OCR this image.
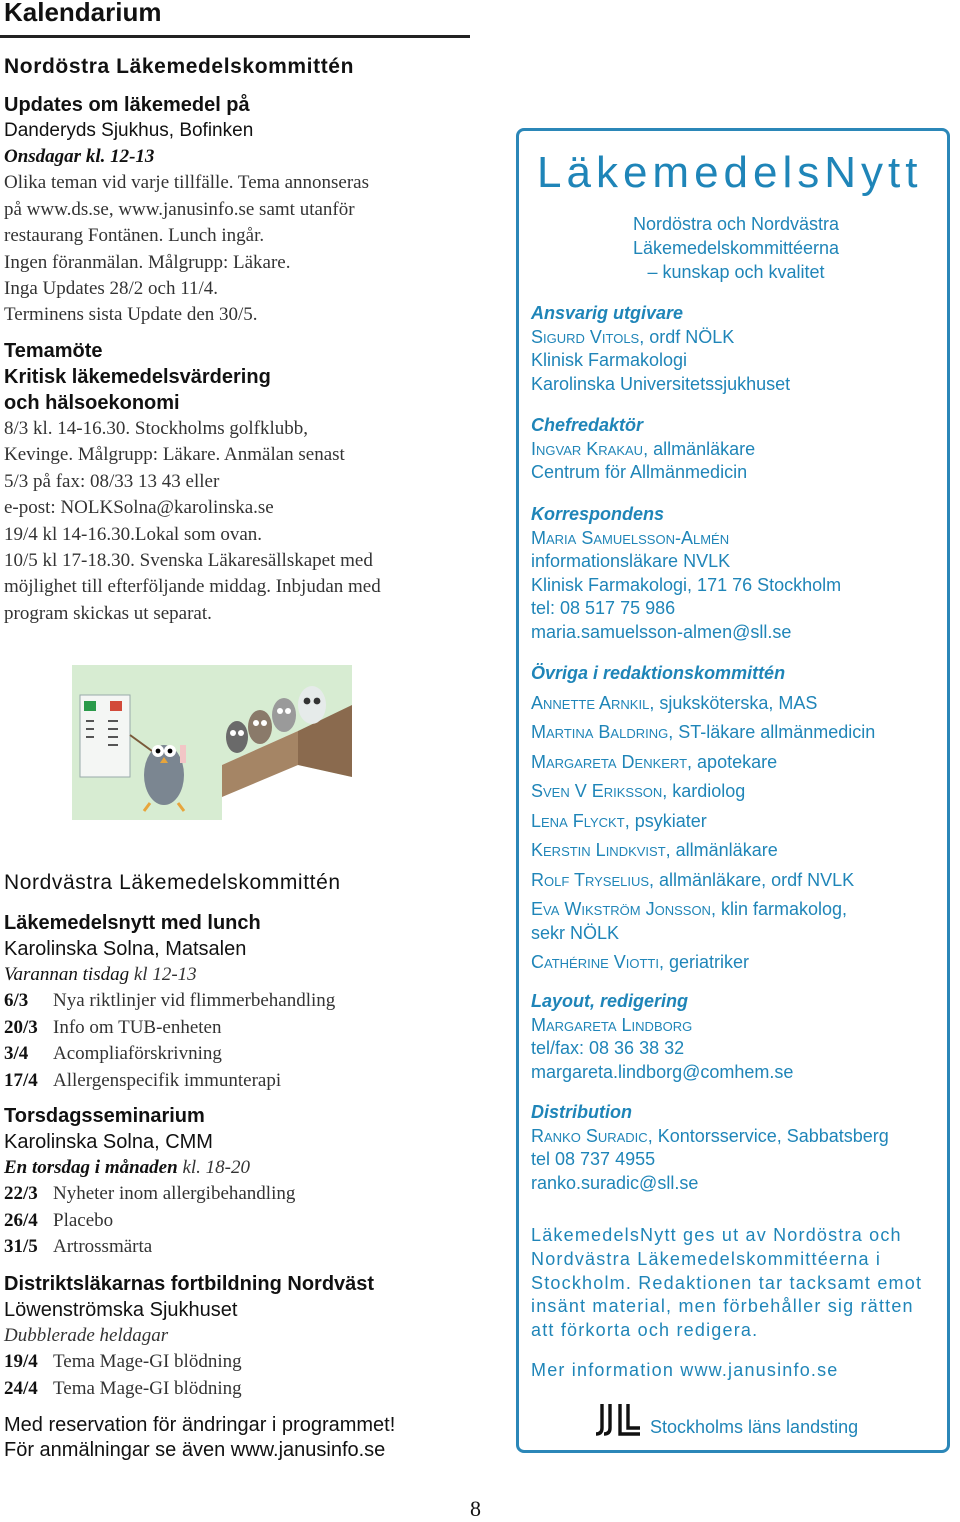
Kalendarium
Nordöstra Läkemedelskommittén
Updates om läkemedel på
Danderyds Sjukhus, Bofinken
Onsdagar kl. 12-13
Olika teman vid varje tillfälle. Tema annonseras
på www.ds.se, www.janusinfo.se samt utanför
restaurang Fontänen. Lunch ingår.
Ingen föranmälan. Målgrupp: Läkare.
Inga Updates 28/2 och 11/4.
Terminens sista Update den 30/5.
Temamöte
Kritisk läkemedelsvärdering
och hälsoekonomi
8/3 kl. 14-16.30. Stockholms golfklubb,
Kevinge. Målgrupp: Läkare. Anmälan senast
5/3 på fax: 08/33 13 43 eller
e-post: NOLKSolna@karolinska.se
19/4 kl 14-16.30.Lokal som ovan.
10/5 kl 17-18.30. Svenska Läkaresällskapet med
möjlighet till efterföljande middag. Inbjudan med
program skickas ut separat.
Nordvästra Läkemedelskommittén
Läkemedelsnytt med lunch
Karolinska Solna, Matsalen
Varannan tisdag kl 12-13
6/3	Nya riktlinjer vid flimmerbehandling
20/3 Info om TUB-enheten
3/4	Acompliaförskrivning
17/4 Allergenspecifik immunterapi
Torsdagsseminarium
Karolinska Solna, CMM
En torsdag i månaden kl. 18-20
22/3 Nyheter inom allergibehandling
26/4 Placebo
31/5 Artrossmärta
Distriktsläkarnas fortbildning Nordväst
Löwenströmska Sjukhuset
Dubblerade heldagar
19/4 Tema Mage-GI blödning
24/4 Tema Mage-GI blödning
Med reservation för ändringar i programmet!
För anmälningar se även www.janusinfo.se
LäkemedelsNytt
Nordöstra och Nordvästra
Läkemedelskommittéerna
– kunskap och kvalitet
Ansvarig utgivare
Sigurd Vitols, ordf NÖLK
Klinisk Farmakologi
Karolinska Universitetssjukhuset
Chefredaktör
Ingvar Krakau, allmänläkare
Centrum för Allmänmedicin
Korrespondens
Maria Samuelsson-Almén
informationsläkare NVLK
Klinisk Farmakologi, 171 76 Stockholm
tel: 08 517 75 986
maria.samuelsson-almen@sll.se
Övriga i redaktionskommittén
Annette Arnkil, sjuksköterska, MAS
Martina Baldring, ST-läkare allmänmedicin
Margareta Denkert, apotekare
Sven V Eriksson, kardiolog
Lena Flyckt, psykiater
Kerstin Lindkvist, allmänläkare
Rolf Tryselius, allmänläkare, ordf NVLK
Eva Wikström Jonsson, klin farmakolog,
sekr NÖLK
Cathérine Viotti, geriatriker
Layout, redigering
Margareta Lindborg
tel/fax: 08 36 38 32
margareta.lindborg@comhem.se
Distribution
Ranko Suradic, Kontorsservice, Sabbatsberg
tel 08 737 4955
ranko.suradic@sll.se
LäkemedelsNytt ges ut av Nordöstra och Nordvästra Läkemedelskommittéerna i Stockholm. Redaktionen tar tacksamt emot insänt material, men förbehåller sig rätten att förkorta och redigera.
Mer information www.janusinfo.se
Stockholms läns landsting
8
